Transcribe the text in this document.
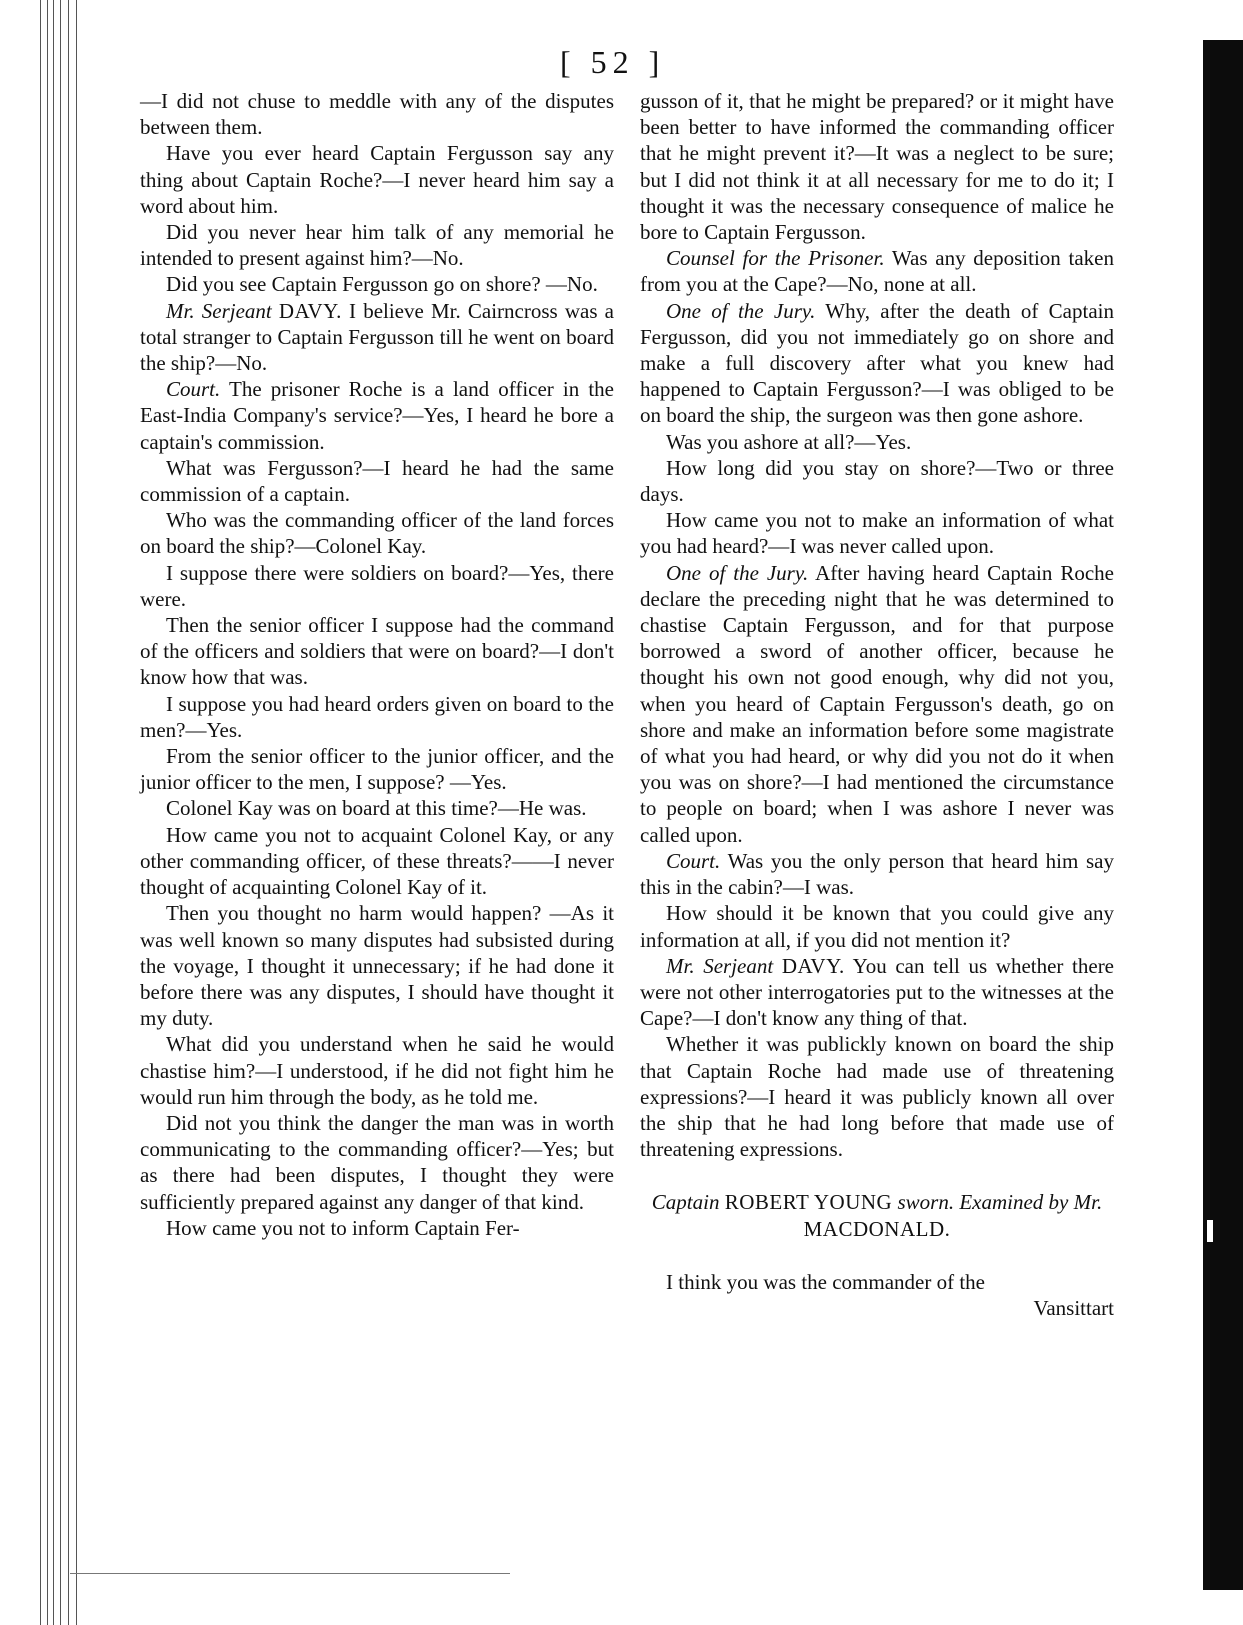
[ 52 ]

—I did not chuse to meddle with any of the disputes between them.

Have you ever heard Captain Fergusson say any thing about Captain Roche?—I never heard him say a word about him.

Did you never hear him talk of any memorial he intended to present against him?—No.

Did you see Captain Fergusson go on shore? —No.

Mr. Serjeant DAVY. I believe Mr. Cairncross was a total stranger to Captain Fergusson till he went on board the ship?—No.

Court. The prisoner Roche is a land officer in the East-India Company's service?—Yes, I heard he bore a captain's commission.

What was Fergusson?—I heard he had the same commission of a captain.

Who was the commanding officer of the land forces on board the ship?—Colonel Kay.

I suppose there were soldiers on board?—Yes, there were.

Then the senior officer I suppose had the command of the officers and soldiers that were on board?—I don't know how that was.

I suppose you had heard orders given on board to the men?—Yes.

From the senior officer to the junior officer, and the junior officer to the men, I suppose? —Yes.

Colonel Kay was on board at this time?—He was.

How came you not to acquaint Colonel Kay, or any other commanding officer, of these threats?——I never thought of acquainting Colonel Kay of it.

Then you thought no harm would happen? —As it was well known so many disputes had subsisted during the voyage, I thought it unnecessary; if he had done it before there was any disputes, I should have thought it my duty.

What did you understand when he said he would chastise him?—I understood, if he did not fight him he would run him through the body, as he told me.

Did not you think the danger the man was in worth communicating to the commanding officer?—Yes; but as there had been disputes, I thought they were sufficiently prepared against any danger of that kind.

How came you not to inform Captain Fer-

gusson of it, that he might be prepared? or it might have been better to have informed the commanding officer that he might prevent it?—It was a neglect to be sure; but I did not think it at all necessary for me to do it; I thought it was the necessary consequence of malice he bore to Captain Fergusson.

Counsel for the Prisoner. Was any deposition taken from you at the Cape?—No, none at all.

One of the Jury. Why, after the death of Captain Fergusson, did you not immediately go on shore and make a full discovery after what you knew had happened to Captain Fergusson?—I was obliged to be on board the ship, the surgeon was then gone ashore.

Was you ashore at all?—Yes.

How long did you stay on shore?—Two or three days.

How came you not to make an information of what you had heard?—I was never called upon.

One of the Jury. After having heard Captain Roche declare the preceding night that he was determined to chastise Captain Fergusson, and for that purpose borrowed a sword of another officer, because he thought his own not good enough, why did not you, when you heard of Captain Fergusson's death, go on shore and make an information before some magistrate of what you had heard, or why did you not do it when you was on shore?—I had mentioned the circumstance to people on board; when I was ashore I never was called upon.

Court. Was you the only person that heard him say this in the cabin?—I was.

How should it be known that you could give any information at all, if you did not mention it?

Mr. Serjeant DAVY. You can tell us whether there were not other interrogatories put to the witnesses at the Cape?—I don't know any thing of that.

Whether it was publickly known on board the ship that Captain Roche had made use of threatening expressions?—I heard it was publicly known all over the ship that he had long before that made use of threatening expressions.

Captain ROBERT YOUNG sworn. Examined by Mr. MACDONALD.

I think you was the commander of the

Vansittart
